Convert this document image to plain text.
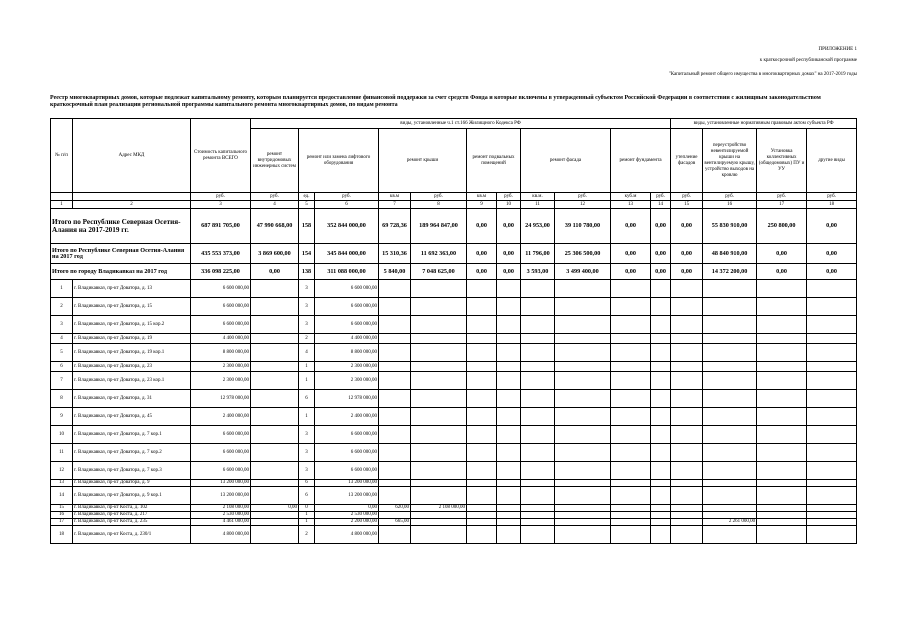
ПРИЛОЖЕНИЕ 1
к краткосрочной республиканской программе
"Капитальный ремонт общего имущества в многоквартирных домах" на 2017-2019 годы
Реестр многоквартирных домов, которые подлежат капитальному ремонту, которым планируется предоставление финансовой поддержки за счет средств Фонда и которые включены в утвержденный субъектом Российской Федерации в соответствии с жилищным законодательством краткосрочный план реализации региональной программы капитального ремонта многоквартирных домов, по видам ремонта
№ п/п	Адрес МКД	Стоимость капитального ремонта ВСЕГО	виды, установленные ч.1 ст.166 Жилищного Кодекса РФ											виды, установленные нормативным правовым актом субъекта РФ			
			ремонт внутридомовых инженерных систем	ремонт или замена лифтового оборудования		ремонт крыши		ремонт подвальных помещений		ремонт фасада		ремонт фундамента		утепление фасадов	переустройство невентилируемой крыши на вентилируемую крышу, устройство выходов на кровлю	Установка коллективных (общедомовых) ПУ и УУ	другие виды
		руб.	руб.	ед.	руб.	кв.м	руб.	кв.м	руб.	кв.м.	руб.	куб.м	руб.	руб.	руб.	руб.	руб.
1	2	3	4	5	6	7	8	9	10	11	12	13	14	15	16	17	18
Итого по Республике Северная Осетия-Алания на 2017-2019 гг.		687 891 705,00	47 990 668,00	158	352 844 000,00	69 728,36	189 964 847,00	0,00	0,00	24 953,00	39 110 780,00	0,00	0,00	0,00	55 830 910,00	250 800,00	0,00
Итого по Республике Северная Осетия-Алания на 2017 год		435 553 373,00	3 869 600,00	154	345 844 000,00	15 310,36	11 692 363,00	0,00	0,00	11 796,00	25 306 500,00	0,00	0,00	0,00	48 840 910,00	0,00	0,00
Итого по городу Владикавказ на 2017 год		336 098 225,00	0,00	138	311 088 000,00	5 840,00	7 048 625,00	0,00	0,00	3 593,00	3 499 400,00	0,00	0,00	0,00	14 372 200,00	0,00	0,00
1	г. Владикавказ, пр-кт Доватора, д. 13	6 600 000,00		3	6 600 000,00												
2	г. Владикавказ, пр-кт Доватора, д. 15	6 600 000,00		3	6 600 000,00												
3	г. Владикавказ, пр-кт Доватора, д. 15 кор.2	6 600 000,00		3	6 600 000,00												
4	г. Владикавказ, пр-кт Доватора, д. 19	4 400 000,00		2	4 400 000,00												
5	г. Владикавказ, пр-кт Доватора, д. 19 кор.1	8 800 000,00		4	8 800 000,00												
6	г. Владикавказ, пр-кт Доватора, д. 23	2 300 000,00		1	2 300 000,00												
7	г. Владикавказ, пр-кт Доватора, д. 23 кор.1	2 300 000,00		1	2 300 000,00												
8	г. Владикавказ, пр-кт Доватора, д. 31	12 978 000,00		6	12 978 000,00												
9	г. Владикавказ, пр-кт Доватора, д. 45	2 400 000,00		1	2 400 000,00												
10	г. Владикавказ, пр-кт Доватора, д. 7 кор.1	6 600 000,00		3	6 600 000,00												
11	г. Владикавказ, пр-кт Доватора, д. 7 кор.2	6 600 000,00		3	6 600 000,00												
12	г. Владикавказ, пр-кт Доватора, д. 7 кор.3	6 600 000,00		3	6 600 000,00												
13	г. Владикавказ, пр-кт Доватора, д. 9	13 200 000,00		6	13 200 000,00												
14	г. Владикавказ, пр-кт Доватора, д. 9 кор.1	13 200 000,00		6	13 200 000,00												
15	г. Владикавказ, пр-кт Коста, д. 102	2 108 000,00	0,00	0	0,00	620,00	2 108 000,00										
16	г. Владикавказ, пр-кт Коста, д. 217	2 530 000,00		1	2 530 000,00												
17	г. Владикавказ, пр-кт Коста, д. 235	4 461 000,00		1	2 200 000,00	665,00									2 261 000,00		
18	г. Владикавказ, пр-кт Коста, д. 230/1	4 800 000,00		2	4 800 000,00												
